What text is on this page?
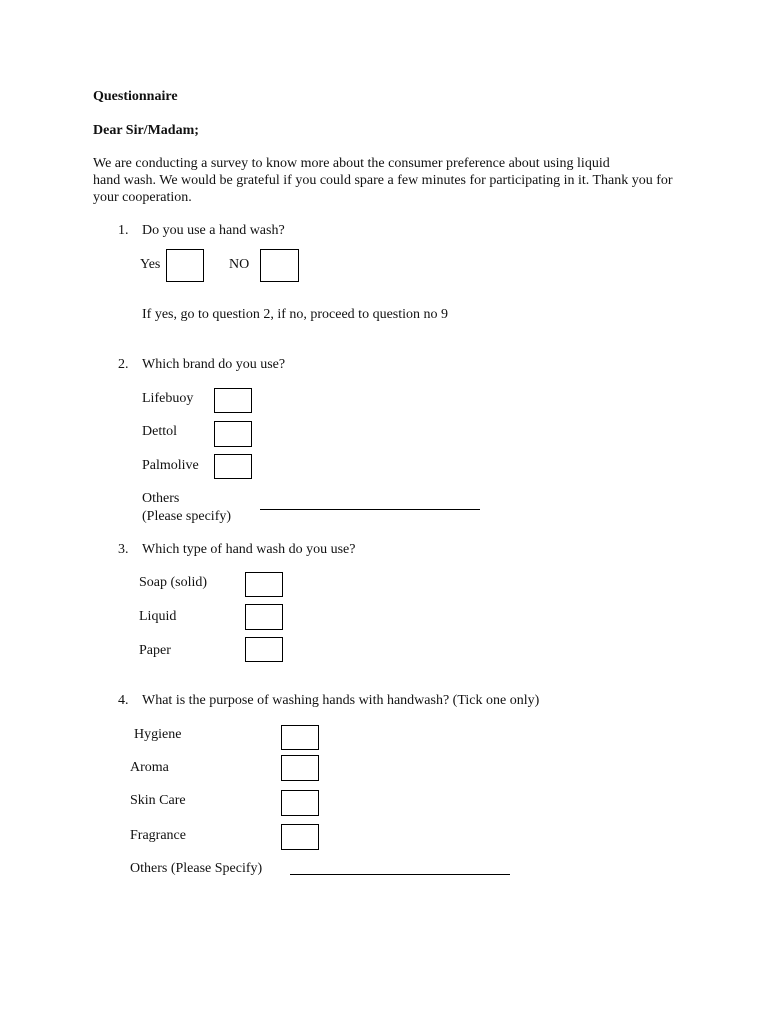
Questionnaire
Dear Sir/Madam;
We are conducting a survey to know more about the consumer preference about using liquid
hand wash. We would be grateful if you could spare a few minutes for participating in it. Thank you for
your cooperation.
1. Do you use a hand wash?
Yes	NO
If yes, go to question 2, if no, proceed to question no 9
2. Which brand do you use?
Lifebuoy
Dettol
Palmolive
Others
(Please specify)
3. Which type of hand wash do you use?
Soap (solid)
Liquid
Paper
4. What is the purpose of washing hands with handwash? (Tick one only)
Hygiene
Aroma
Skin Care
Fragrance
Others (Please Specify)
